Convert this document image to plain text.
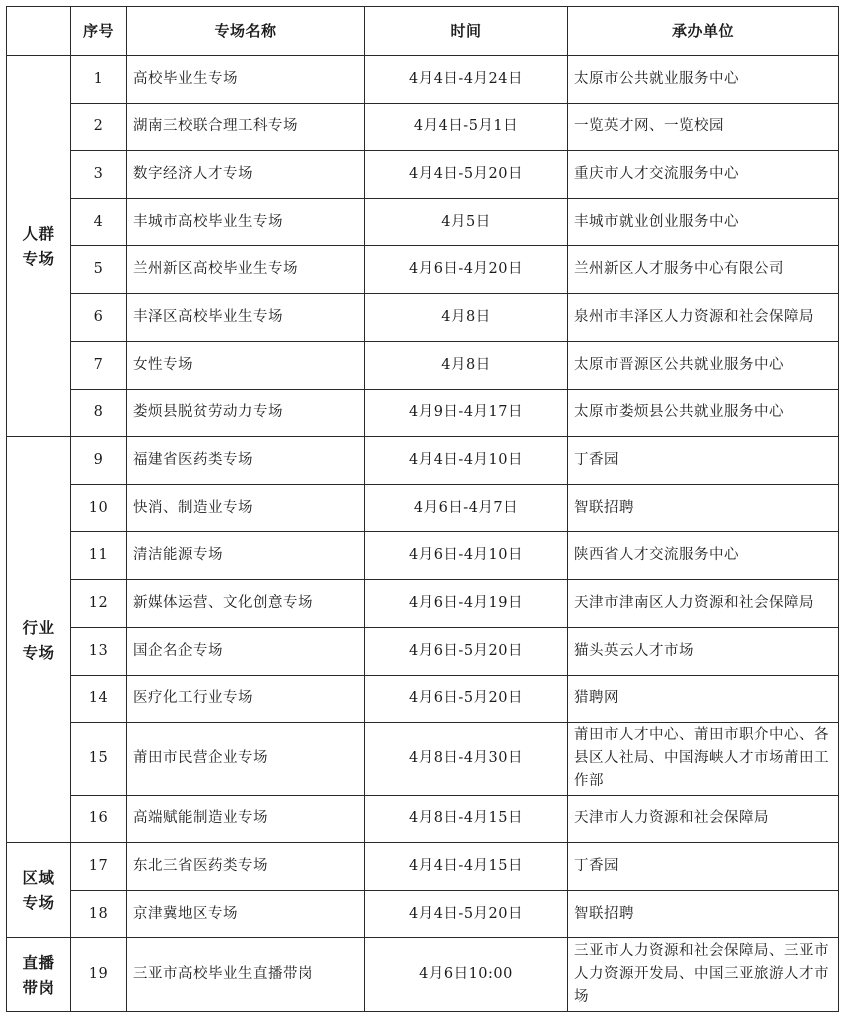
	序号	专场名称	时间	承办单位
人群专场	1	高校毕业生专场	4月4日-4月24日	太原市公共就业服务中心
	2	湖南三校联合理工科专场	4月4日-5月1日	一览英才网、一览校园
	3	数字经济人才专场	4月4日-5月20日	重庆市人才交流服务中心
	4	丰城市高校毕业生专场	4月5日	丰城市就业创业服务中心
	5	兰州新区高校毕业生专场	4月6日-4月20日	兰州新区人才服务中心有限公司
	6	丰泽区高校毕业生专场	4月8日	泉州市丰泽区人力资源和社会保障局
	7	女性专场	4月8日	太原市晋源区公共就业服务中心
	8	娄烦县脱贫劳动力专场	4月9日-4月17日	太原市娄烦县公共就业服务中心
行业专场	9	福建省医药类专场	4月4日-4月10日	丁香园
	10	快消、制造业专场	4月6日-4月7日	智联招聘
	11	清洁能源专场	4月6日-4月10日	陕西省人才交流服务中心
	12	新媒体运营、文化创意专场	4月6日-4月19日	天津市津南区人力资源和社会保障局
	13	国企名企专场	4月6日-5月20日	猫头英云人才市场
	14	医疗化工行业专场	4月6日-5月20日	猎聘网
	15	莆田市民营企业专场	4月8日-4月30日	莆田市人才中心、莆田市职介中心、各县区人社局、中国海峡人才市场莆田工作部
	16	高端赋能制造业专场	4月8日-4月15日	天津市人力资源和社会保障局
区域专场	17	东北三省医药类专场	4月4日-4月15日	丁香园
	18	京津冀地区专场	4月4日-5月20日	智联招聘
直播带岗	19	三亚市高校毕业生直播带岗	4月6日10:00	三亚市人力资源和社会保障局、三亚市人力资源开发局、中国三亚旅游人才市场
